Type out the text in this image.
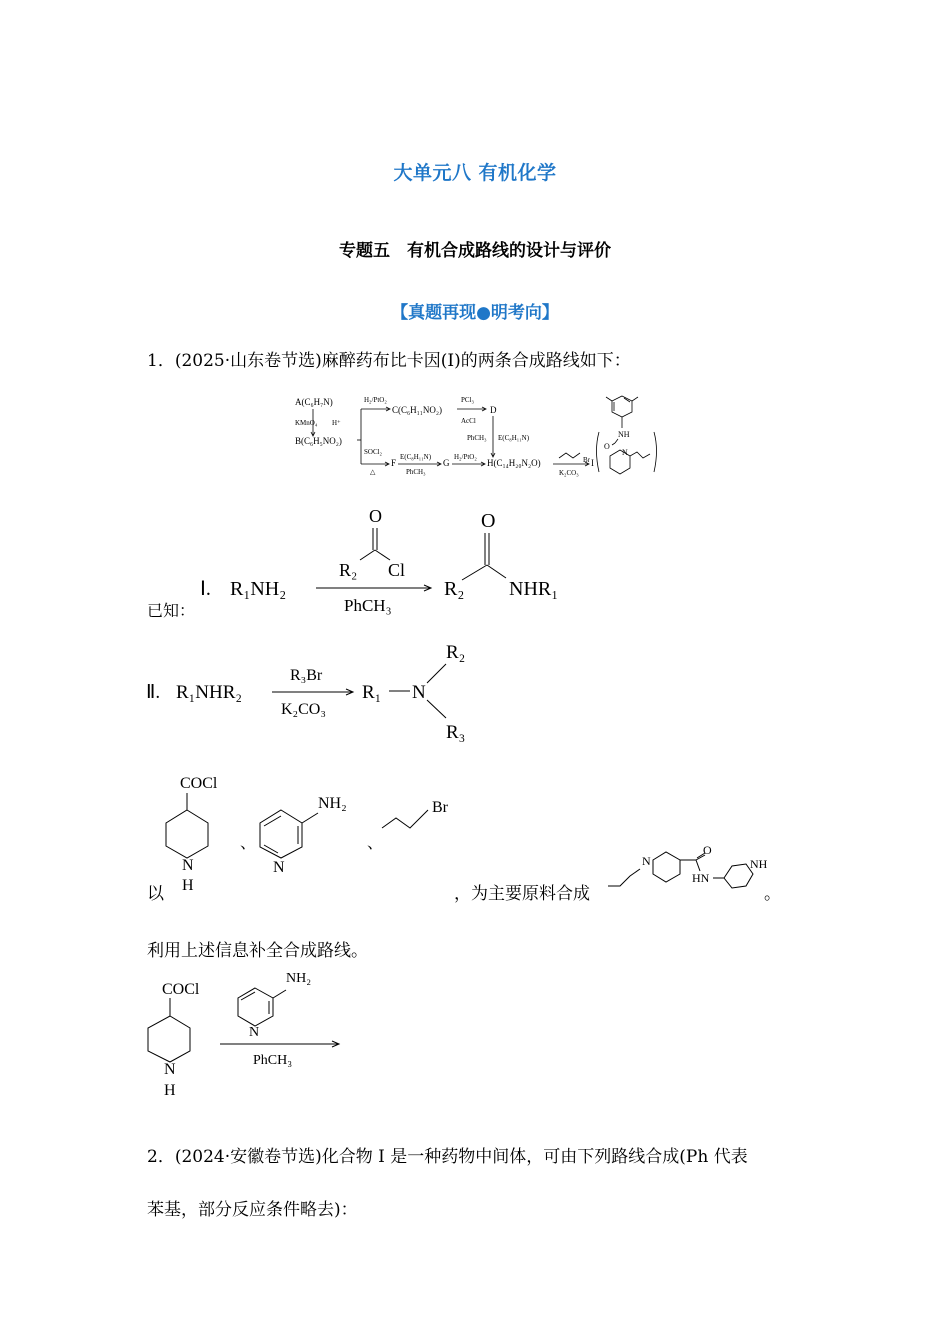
大单元八 有机化学
专题五　有机合成路线的设计与评价
【真题再现●明考向】
1．(2025·山东卷节选)麻醉药布比卡因(I)的两条合成路线如下：
A(C₆H₇N)
KMnO₄ H⁺
B(C₆H₅NO₂)
H₂/PtO₂
C(C₆H₁₁NO₂)
PCl₃
AcCl
D
PhCH₃ E(C₈H₁₁N)
SOCl₂
△
F
E(C₈H₁₁N)
PhCH₃
G
H₂/PtO₂
H(C₁₄H₂₀N₂O)	Br
K₂CO₃
I
NH
O
N
已知：
Ⅰ. R₁NH₂
O
R₂ Cl
PhCH₃
O
R₂ NHR₁
Ⅱ. R₁NHR₂
R₃Br
K₂CO₃
R₁ N
R₂
R₃
以
COCl
N
H
、
NH₂
N
、
Br
，为主要原料合成
N
O
HN
NH
。
利用上述信息补全合成路线。
COCl
N
H
NH₂
N
PhCH₃
2．(2024·安徽卷节选)化合物 I 是一种药物中间体，可由下列路线合成(Ph 代表
苯基，部分反应条件略去)：
